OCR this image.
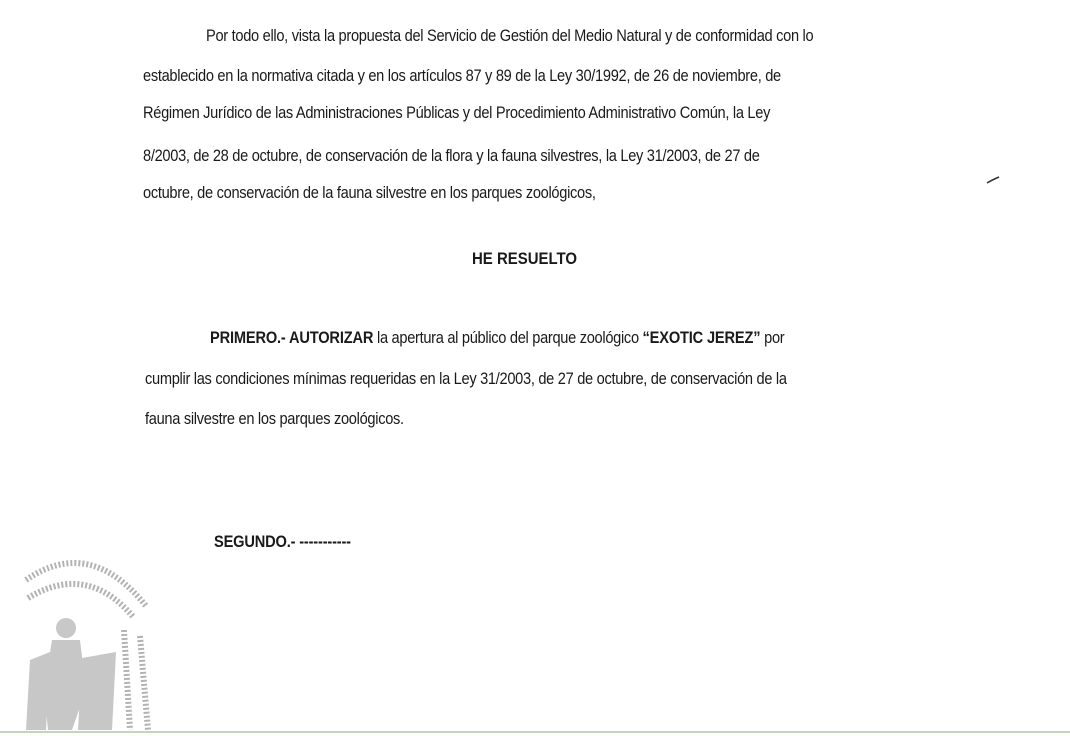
Por todo ello, vista la propuesta del Servicio de Gestión del Medio Natural y de conformidad con lo
establecido en la normativa citada y en los artículos 87 y 89 de la Ley 30/1992, de 26 de noviembre, de
Régimen Jurídico de las Administraciones Públicas y del Procedimiento Administrativo Común, la Ley
8/2003, de 28 de octubre, de conservación de la flora y la fauna silvestres, la Ley 31/2003, de 27 de
octubre, de conservación de la fauna silvestre en los parques zoológicos,
HE RESUELTO
PRIMERO.- AUTORIZAR la apertura al público del parque zoológico “EXOTIC JEREZ” por
cumplir las condiciones mínimas requeridas en la Ley 31/2003, de 27 de octubre, de conservación de la
fauna silvestre en los parques zoológicos.
SEGUNDO.- -----------
